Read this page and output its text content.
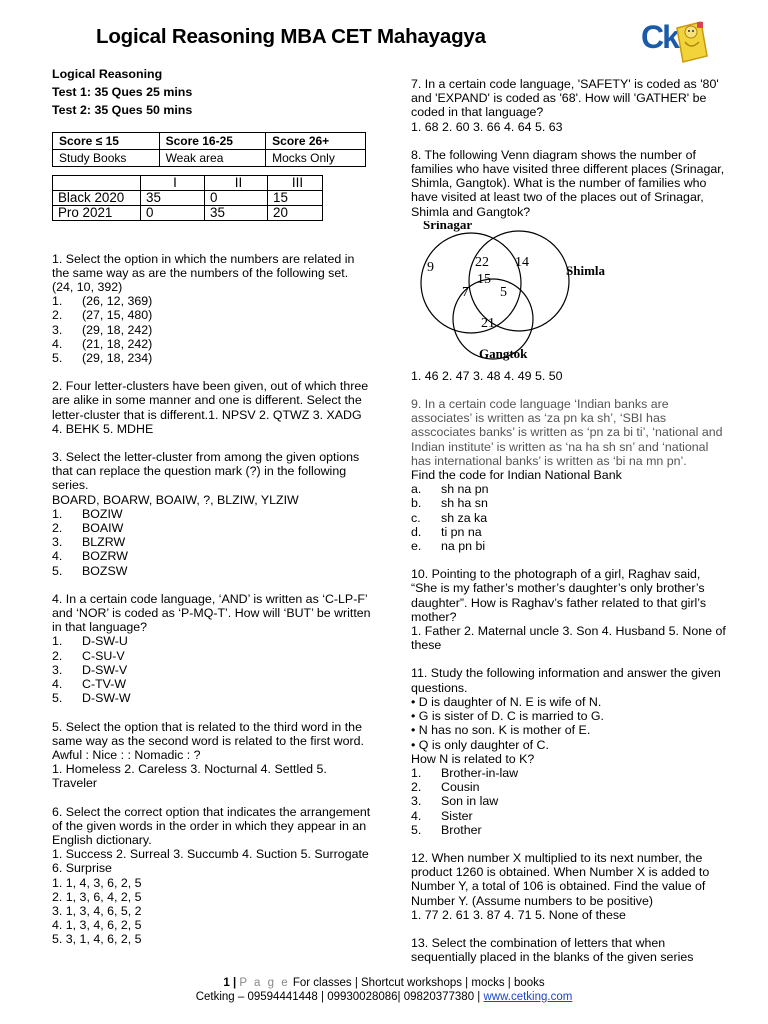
Logical Reasoning MBA CET Mahayagya	Ck

Logical Reasoning

Test 1: 35 Ques 25 mins

Test 2: 35 Ques 50 mins

Score ≤ 15	Score 16-25	Score 26+
Study Books	Weak area	Mocks Only
	I	II	III
Black 2020	35	0	15
Pro 2021	0	35	20

1. Select the option in which the numbers are related in the same way as are the numbers of the following set. (24, 10, 392)

1.	(26, 12, 369)
2.	(27, 15, 480)
3.	(29, 18, 242)
4.	(21, 18, 242)
5.	(29, 18, 234)

2. Four letter-clusters have been given, out of which three are alike in some manner and one is different. Select the letter-cluster that is different.1. NPSV 2. QTWZ 3. XADG 4. BEHK 5. MDHE

3. Select the letter-cluster from among the given options that can replace the question mark (?) in the following series.

BOARD, BOARW, BOAIW, ?, BLZIW, YLZIW

1.	BOZIW
2.	BOAIW
3.	BLZRW
4.	BOZRW
5.	BOZSW

4. In a certain code language, ‘AND’ is written as ‘C-LP-F’ and ‘NOR’ is coded as ‘P-MQ-T’. How will ‘BUT’ be written in that language?

1.	D-SW-U
2.	C-SU-V
3.	D-SW-V
4.	C-TV-W
5.	D-SW-W

5. Select the option that is related to the third word in the same way as the second word is related to the first word.

Awful : Nice : : Nomadic : ?

1. Homeless 2. Careless 3. Nocturnal 4. Settled 5. Traveler

6. Select the correct option that indicates the arrangement of the given words in the order in which they appear in an English dictionary.

1. Success 2. Surreal 3. Succumb 4. Suction 5. Surrogate 6. Surprise

1. 1, 4, 3, 6, 2, 5

2. 1, 3, 6, 4, 2, 5

3. 1, 3, 4, 6, 5, 2

4. 1, 3, 4, 6, 2, 5

5. 3, 1, 4, 6, 2, 5

7. In a certain code language, 'SAFETY' is coded as '80' and 'EXPAND' is coded as '68'. How will 'GATHER' be coded in that language?

1. 68 2. 60 3. 66 4. 64 5. 63

8. The following Venn diagram shows the number of families who have visited three different places (Srinagar, Shimla, Gangtok). What is the number of families who have visited at least two of the places out of Srinagar, Shimla and Gangtok?

Srinagar
Shimla
Gangtok
9	22 14
15
7 5
21

1. 46 2. 47 3. 48 4. 49 5. 50

9. In a certain code language ‘Indian banks are associates’ is written as ‘za pn ka sh’, ‘SBI has asscociates banks’ is written as ‘pn za bi ti’, ‘national and Indian institute’ is written as ‘na ha sh sn’ and ‘national has international banks’ is written as ‘bi na mn pn’.

Find the code for Indian National Bank

a.	sh na pn
b.	sh ha sn
c.	sh za ka
d.	ti pn na
e.	na pn bi

10. Pointing to the photograph of a girl, Raghav said, “She is my father’s mother’s daughter’s only brother’s daughter”. How is Raghav’s father related to that girl’s mother?

1. Father 2. Maternal uncle 3. Son 4. Husband 5. None of these

11. Study the following information and answer the given questions.

• D is daughter of N. E is wife of N.

• G is sister of D. C is married to G.

• N has no son. K is mother of E.

• Q is only daughter of C.

How N is related to K?

1.	Brother-in-law
2.	Cousin
3.	Son in law
4.	Sister
5.	Brother

12. When number X multiplied to its next number, the product 1260 is obtained. When Number X is added to Number Y, a total of 106 is obtained. Find the value of Number Y. (Assume numbers to be positive)

1. 77 2. 61 3. 87 4. 71 5. None of these

13. Select the combination of letters that when sequentially placed in the blanks of the given series

1 | P a g e For classes | Shortcut workshops | mocks | books
Cetking – 09594441448 | 09930028086| 09820377380 | www.cetking.com
